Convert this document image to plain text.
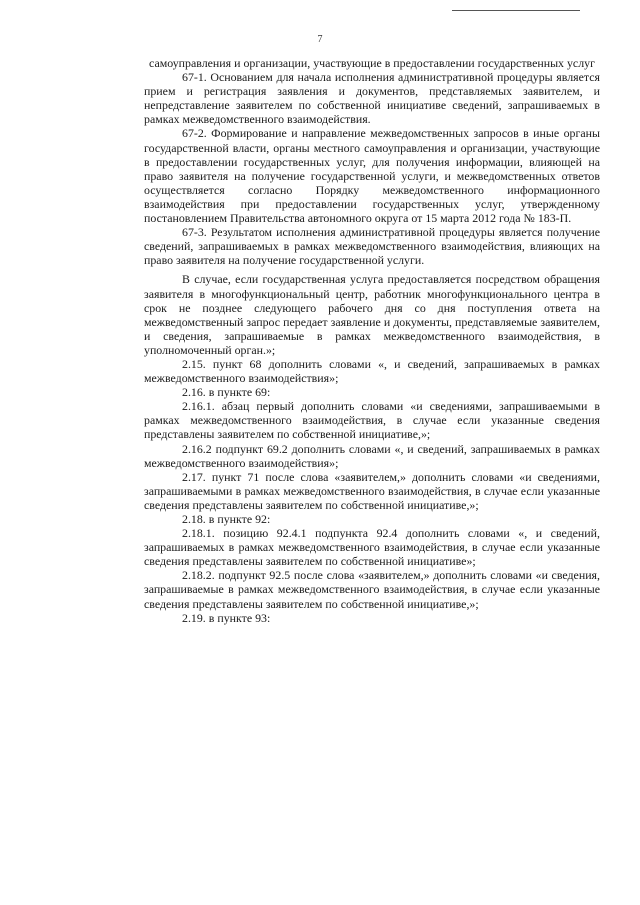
7

самоуправления и организации, участвующие в предоставлении государственных услуг

67-1. Основанием для начала исполнения административной процедуры является прием и регистрация заявления и документов, представляемых заявителем, и непредставление заявителем по собственной инициативе сведений, запрашиваемых в рамках межведомственного взаимодействия.

67-2. Формирование и направление межведомственных запросов в иные органы государственной власти, органы местного самоуправления и организации, участвующие в предоставлении государственных услуг, для получения информации, влияющей на право заявителя на получение государственной услуги, и межведомственных ответов осуществляется согласно Порядку межведомственного информационного взаимодействия при предоставлении государственных услуг, утвержденному постановлением Правительства автономного округа от 15 марта 2012 года № 183-П.

67-3. Результатом исполнения административной процедуры является получение сведений, запрашиваемых в рамках межведомственного взаимодействия, влияющих на право заявителя на получение государственной услуги.

В случае, если государственная услуга предоставляется посредством обращения заявителя в многофункциональный центр, работник многофункционального центра в срок не позднее следующего рабочего дня со дня поступления ответа на межведомственный запрос передает заявление и документы, представляемые заявителем, и сведения, запрашиваемые в рамках межведомственного взаимодействия, в уполномоченный орган.»;

2.15. пункт 68 дополнить словами «, и сведений, запрашиваемых в рамках межведомственного взаимодействия»;

2.16. в пункте 69:

2.16.1. абзац первый дополнить словами «и сведениями, запрашиваемыми в рамках межведомственного взаимодействия, в случае если указанные сведения представлены заявителем по собственной инициативе,»;

2.16.2 подпункт 69.2 дополнить словами «, и сведений, запрашиваемых в рамках межведомственного взаимодействия»;

2.17. пункт 71 после слова «заявителем,» дополнить словами «и сведениями, запрашиваемыми в рамках межведомственного взаимодействия, в случае если указанные сведения представлены заявителем по собственной инициативе,»;

2.18. в пункте 92:

2.18.1. позицию 92.4.1 подпункта 92.4 дополнить словами «, и сведений, запрашиваемых в рамках межведомственного взаимодействия, в случае если указанные сведения представлены заявителем по собственной инициативе»;

2.18.2. подпункт 92.5 после слова «заявителем,» дополнить словами «и сведения, запрашиваемые в рамках межведомственного взаимодействия, в случае если указанные сведения представлены заявителем по собственной инициативе,»;

2.19. в пункте 93:
